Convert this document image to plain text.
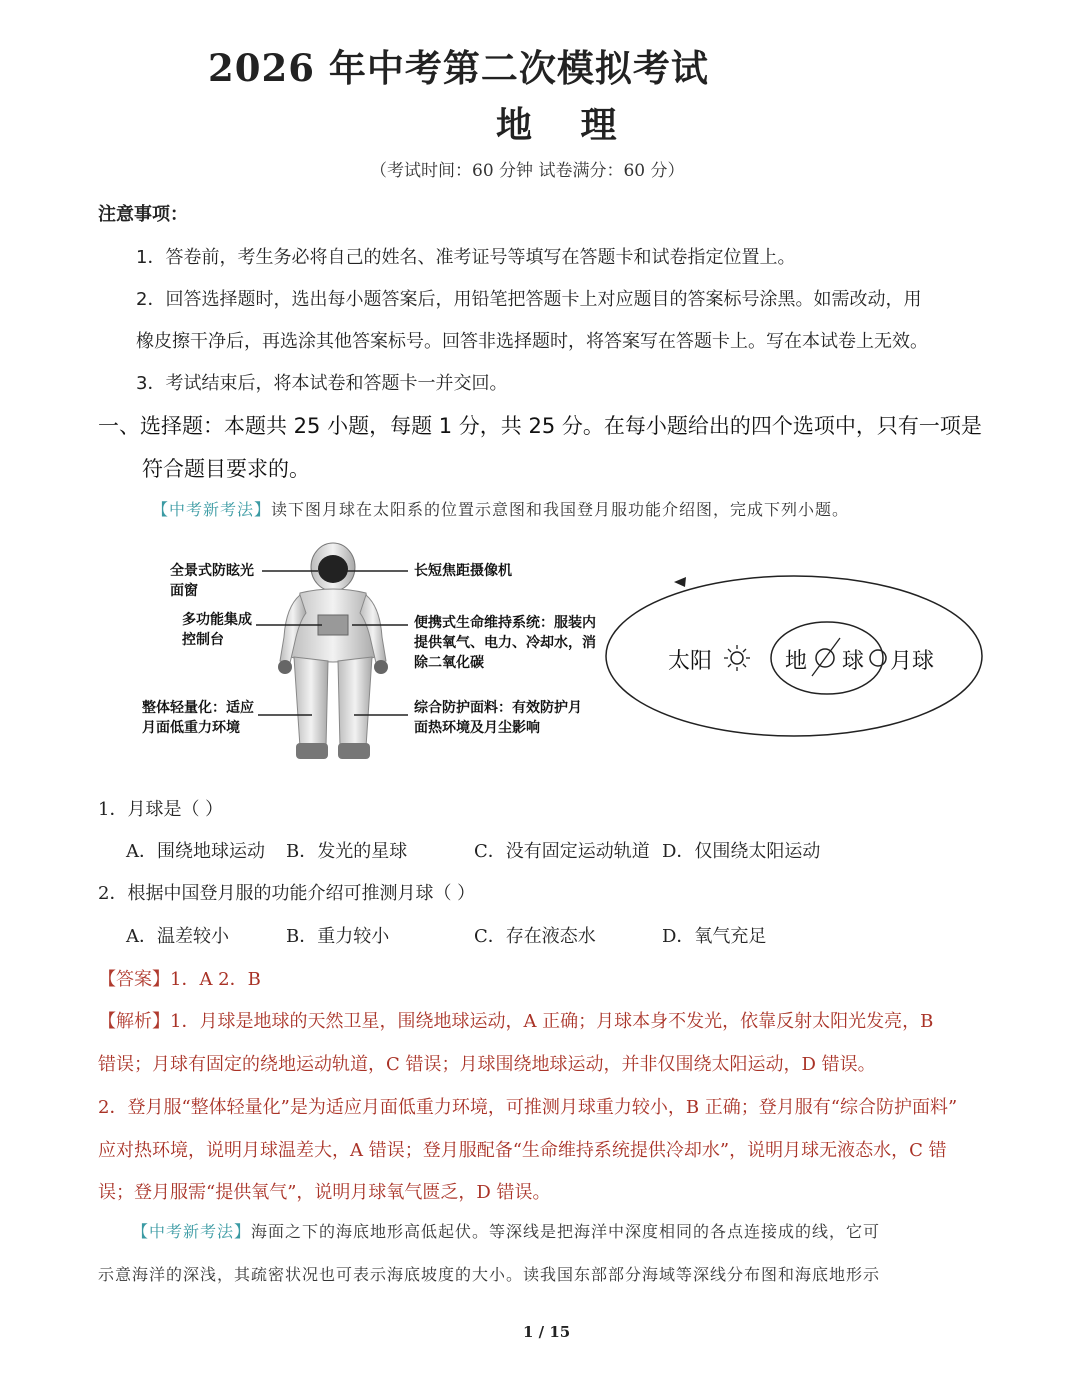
2026 年中考第二次模拟考试
地 理
（考试时间：60 分钟 试卷满分：60 分）
注意事项：
1．答卷前，考生务必将自己的姓名、准考证号等填写在答题卡和试卷指定位置上。
2．回答选择题时，选出每小题答案后，用铅笔把答题卡上对应题目的答案标号涂黑。如需改动，用
橡皮擦干净后，再选涂其他答案标号。回答非选择题时，将答案写在答题卡上。写在本试卷上无效。
3．考试结束后，将本试卷和答题卡一并交回。
一、选择题：本题共 25 小题，每题 1 分，共 25 分。在每小题给出的四个选项中，只有一项是
符合题目要求的。
【中考新考法】读下图月球在太阳系的位置示意图和我国登月服功能介绍图，完成下列小题。
全景式防眩光面窗
多功能集成控制台
整体轻量化：适应月面低重力环境
长短焦距摄像机
便携式生命维持系统：服装内提供氧气、电力、冷却水，消除二氧化碳
综合防护面料：有效防护月面热环境及月尘影响
太阳	地 球 月球
1．月球是（ ）
A．围绕地球运动 B．发光的星球	C．没有固定运动轨道 D．仅围绕太阳运动
2．根据中国登月服的功能介绍可推测月球（ ）
A．温差较小	B．重力较小	C．存在液态水	D．氧气充足
【答案】1．A 2．B
【解析】1．月球是地球的天然卫星，围绕地球运动，A 正确；月球本身不发光，依靠反射太阳光发亮，B
错误；月球有固定的绕地运动轨道，C 错误；月球围绕地球运动，并非仅围绕太阳运动，D 错误。
2．登月服“整体轻量化”是为适应月面低重力环境，可推测月球重力较小，B 正确；登月服有“综合防护面料”
应对热环境，说明月球温差大，A 错误；登月服配备“生命维持系统提供冷却水”，说明月球无液态水，C 错
误；登月服需“提供氧气”，说明月球氧气匮乏，D 错误。
【中考新考法】海面之下的海底地形高低起伏。等深线是把海洋中深度相同的各点连接成的线，它可
示意海洋的深浅，其疏密状况也可表示海底坡度的大小。读我国东部部分海域等深线分布图和海底地形示
1 / 15
